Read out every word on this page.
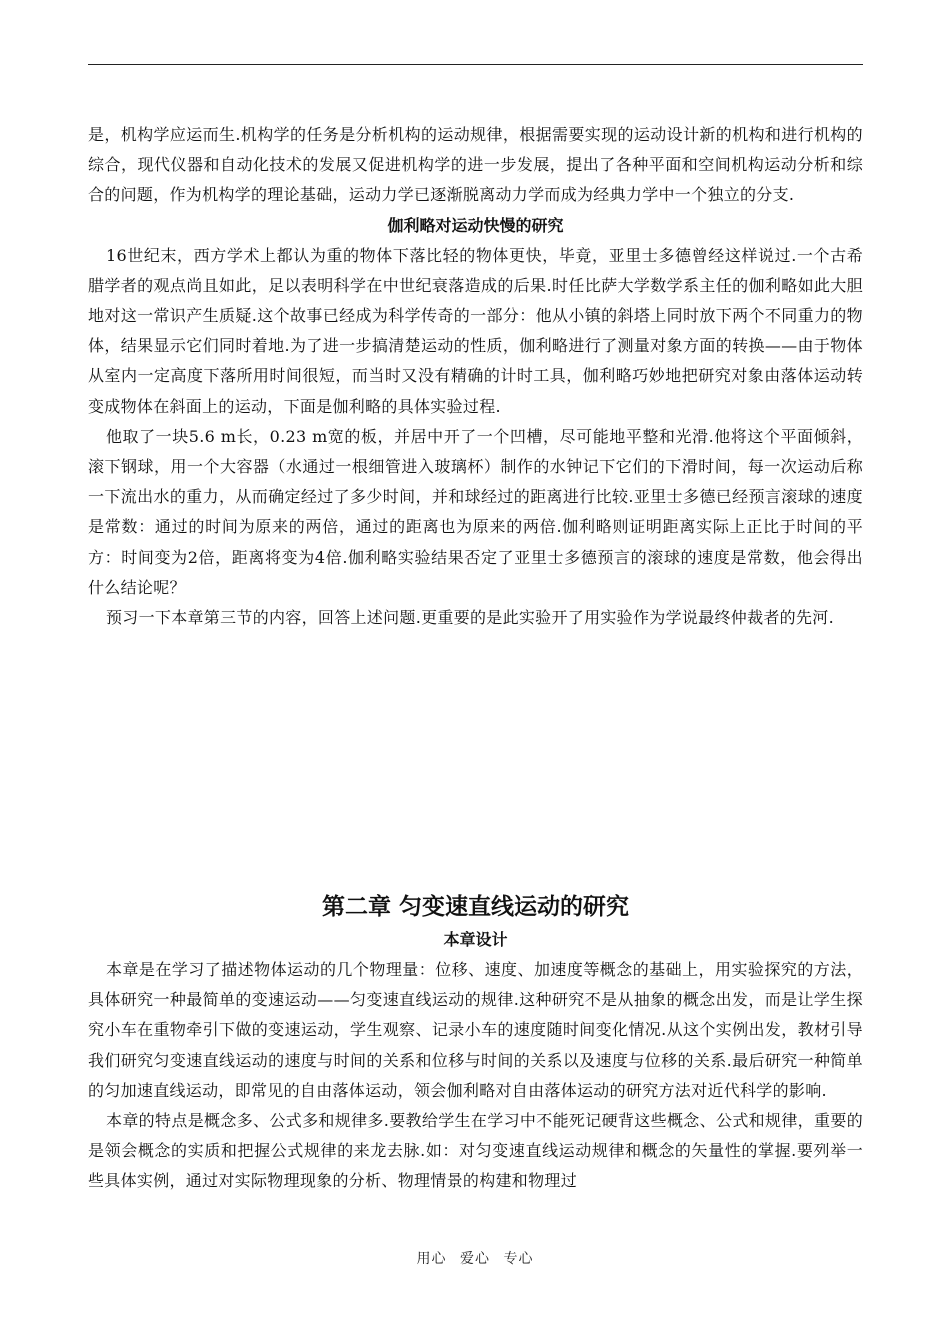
是，机构学应运而生.机构学的任务是分析机构的运动规律，根据需要实现的运动设计新的机构和进行机构的综合，现代仪器和自动化技术的发展又促进机构学的进一步发展，提出了各种平面和空间机构运动分析和综合的问题，作为机构学的理论基础，运动力学已逐渐脱离动力学而成为经典力学中一个独立的分支.

伽利略对运动快慢的研究

16世纪末，西方学术上都认为重的物体下落比轻的物体更快，毕竟，亚里士多德曾经这样说过.一个古希腊学者的观点尚且如此，足以表明科学在中世纪衰落造成的后果.时任比萨大学数学系主任的伽利略如此大胆地对这一常识产生质疑.这个故事已经成为科学传奇的一部分：他从小镇的斜塔上同时放下两个不同重力的物体，结果显示它们同时着地.为了进一步搞清楚运动的性质，伽利略进行了测量对象方面的转换——由于物体从室内一定高度下落所用时间很短，而当时又没有精确的计时工具，伽利略巧妙地把研究对象由落体运动转变成物体在斜面上的运动，下面是伽利略的具体实验过程.

他取了一块5.6 m长，0.23 m宽的板，并居中开了一个凹槽，尽可能地平整和光滑.他将这个平面倾斜，滚下钢球，用一个大容器（水通过一根细管进入玻璃杯）制作的水钟记下它们的下滑时间，每一次运动后称一下流出水的重力，从而确定经过了多少时间，并和球经过的距离进行比较.亚里士多德已经预言滚球的速度是常数：通过的时间为原来的两倍，通过的距离也为原来的两倍.伽利略则证明距离实际上正比于时间的平方：时间变为2倍，距离将变为4倍.伽利略实验结果否定了亚里士多德预言的滚球的速度是常数，他会得出什么结论呢？

预习一下本章第三节的内容，回答上述问题.更重要的是此实验开了用实验作为学说最终仲裁者的先河.

第二章 匀变速直线运动的研究
本章设计

本章是在学习了描述物体运动的几个物理量：位移、速度、加速度等概念的基础上，用实验探究的方法，具体研究一种最简单的变速运动——匀变速直线运动的规律.这种研究不是从抽象的概念出发，而是让学生探究小车在重物牵引下做的变速运动，学生观察、记录小车的速度随时间变化情况.从这个实例出发，教材引导我们研究匀变速直线运动的速度与时间的关系和位移与时间的关系以及速度与位移的关系.最后研究一种简单的匀加速直线运动，即常见的自由落体运动，领会伽利略对自由落体运动的研究方法对近代科学的影响.

本章的特点是概念多、公式多和规律多.要教给学生在学习中不能死记硬背这些概念、公式和规律，重要的是领会概念的实质和把握公式规律的来龙去脉.如：对匀变速直线运动规律和概念的矢量性的掌握.要列举一些具体实例，通过对实际物理现象的分析、物理情景的构建和物理过

用心 爱心 专心
